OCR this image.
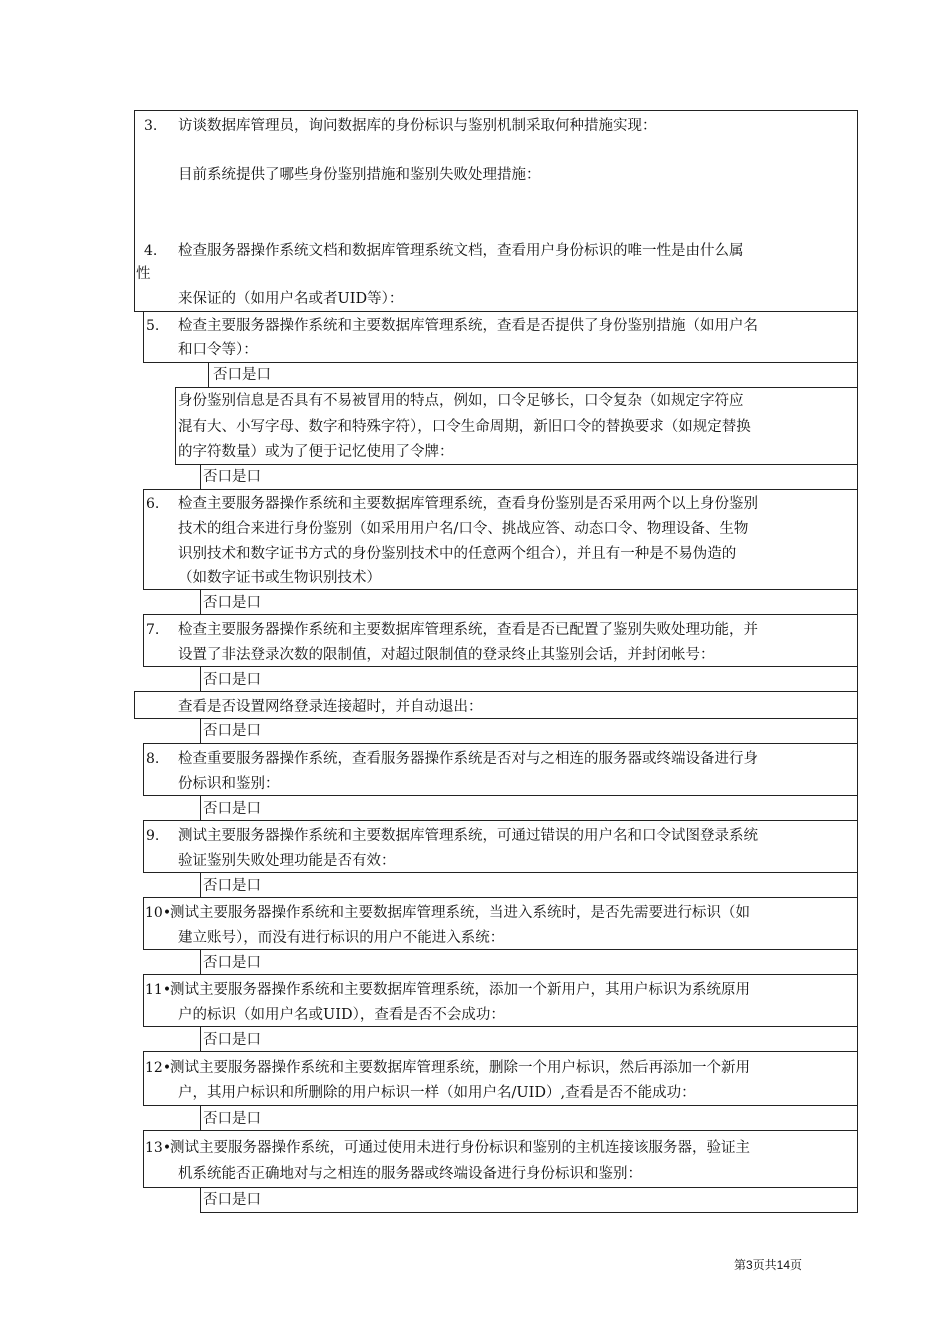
3. 访谈数据库管理员，询问数据库的身份标识与鉴别机制采取何种措施实现：
目前系统提供了哪些身份鉴别措施和鉴别失败处理措施：
4. 检查服务器操作系统文档和数据库管理系统文档，查看用户身份标识的唯一性是由什么属
性
来保证的（如用户名或者UID等）：
5. 检查主要服务器操作系统和主要数据库管理系统，查看是否提供了身份鉴别措施（如用户名
和口令等）：
否口是口
身份鉴别信息是否具有不易被冒用的特点，例如，口令足够长，口令复杂（如规定字符应
混有大、小写字母、数字和特殊字符），口令生命周期，新旧口令的替换要求（如规定替换
的字符数量）或为了便于记忆使用了令牌：
否口是口
6. 检查主要服务器操作系统和主要数据库管理系统，查看身份鉴别是否采用两个以上身份鉴别
技术的组合来进行身份鉴别（如采用用户名/口令、挑战应答、动态口令、物理设备、生物
识别技术和数字证书方式的身份鉴别技术中的任意两个组合），并且有一种是不易伪造的
（如数字证书或生物识别技术）
否口是口
7. 检查主要服务器操作系统和主要数据库管理系统，查看是否已配置了鉴别失败处理功能，并
设置了非法登录次数的限制值，对超过限制值的登录终止其鉴别会话，并封闭帐号：
否口是口
查看是否设置网络登录连接超时，并自动退出：
否口是口
8. 检查重要服务器操作系统，查看服务器操作系统是否对与之相连的服务器或终端设备进行身
份标识和鉴别：
否口是口
9. 测试主要服务器操作系统和主要数据库管理系统，可通过错误的用户名和口令试图登录系统
验证鉴别失败处理功能是否有效：
否口是口
10•
测试主要服务器操作系统和主要数据库管理系统，当进入系统时，是否先需要进行标识（如
建立账号），而没有进行标识的用户不能进入系统：
否口是口
11•
测试主要服务器操作系统和主要数据库管理系统，添加一个新用户，其用户标识为系统原用
户的标识（如用户名或UID），查看是否不会成功：
否口是口
12•
测试主要服务器操作系统和主要数据库管理系统，删除一个用户标识，然后再添加一个新用
户，其用户标识和所删除的用户标识一样（如用户名/UID）,查看是否不能成功：
否口是口
13•
测试主要服务器操作系统，可通过使用未进行身份标识和鉴别的主机连接该服务器，验证主
机系统能否正确地对与之相连的服务器或终端设备进行身份标识和鉴别：
否口是口
第3页共14页
